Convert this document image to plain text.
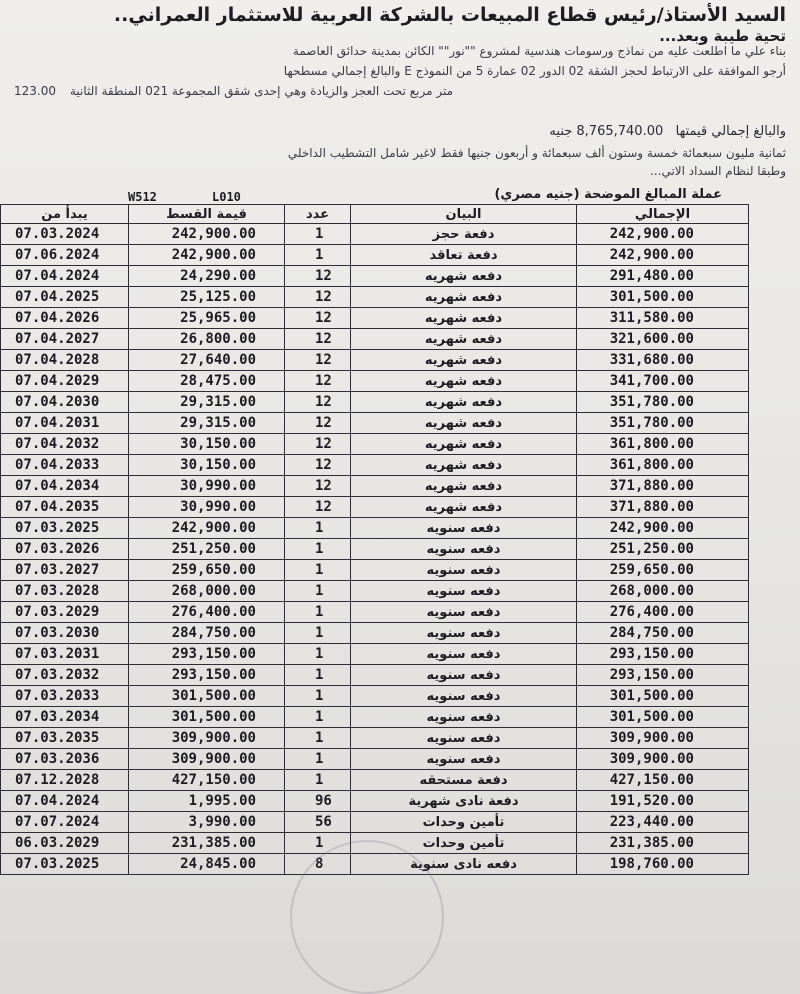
السيد الأستاذ/رئيس قطاع المبيعات بالشركة العربية للاستثمار العمراني..
تحية طيبة وبعد...
بناء علي ما اطلعت عليه من نماذج ورسومات هندسية لمشروع ""نور"" الكائن بمدينة حدائق العاصمة
أرجو الموافقة على الارتباط لحجز الشقة 02 الدور 02 عمارة 5 من النموذج E والبالغ إجمالي مسطحها
123.00 متر مربع تحت العجز والزيادة وهي إحدى شقق المجموعة 021 المنطقة الثانية
والبالغ إجمالي قيمتها   8,765,740.00 جنيه
ثمانية مليون سبعمائة خمسة وستون ألف سبعمائة و أربعون جنيها فقط لاغير شامل التشطيب الداخلي
وطبقا لنظام السداد الاتي...
W512	L010	عملة المبالغ الموضحة (جنيه مصري)
يبدأ من	قيمة القسط	عدد	البيان	الإجمالي
07.03.2024	242,900.00	1	دفعة حجز	242,900.00
07.06.2024	242,900.00	1	دفعة تعاقد	242,900.00
07.04.2024	24,290.00	12	دفعه شهريه	291,480.00
07.04.2025	25,125.00	12	دفعه شهريه	301,500.00
07.04.2026	25,965.00	12	دفعه شهريه	311,580.00
07.04.2027	26,800.00	12	دفعه شهريه	321,600.00
07.04.2028	27,640.00	12	دفعه شهريه	331,680.00
07.04.2029	28,475.00	12	دفعه شهريه	341,700.00
07.04.2030	29,315.00	12	دفعه شهريه	351,780.00
07.04.2031	29,315.00	12	دفعه شهريه	351,780.00
07.04.2032	30,150.00	12	دفعه شهريه	361,800.00
07.04.2033	30,150.00	12	دفعه شهريه	361,800.00
07.04.2034	30,990.00	12	دفعه شهريه	371,880.00
07.04.2035	30,990.00	12	دفعه شهريه	371,880.00
07.03.2025	242,900.00	1	دفعه سنويه	242,900.00
07.03.2026	251,250.00	1	دفعه سنويه	251,250.00
07.03.2027	259,650.00	1	دفعه سنويه	259,650.00
07.03.2028	268,000.00	1	دفعه سنويه	268,000.00
07.03.2029	276,400.00	1	دفعه سنويه	276,400.00
07.03.2030	284,750.00	1	دفعه سنويه	284,750.00
07.03.2031	293,150.00	1	دفعه سنويه	293,150.00
07.03.2032	293,150.00	1	دفعه سنويه	293,150.00
07.03.2033	301,500.00	1	دفعه سنويه	301,500.00
07.03.2034	301,500.00	1	دفعه سنويه	301,500.00
07.03.2035	309,900.00	1	دفعه سنويه	309,900.00
07.03.2036	309,900.00	1	دفعه سنويه	309,900.00
07.12.2028	427,150.00	1	دفعة مستحقه	427,150.00
07.04.2024	1,995.00	96	دفعة نادى شهرية	191,520.00
07.07.2024	3,990.00	56	تأمين وحدات	223,440.00
06.03.2029	231,385.00	1	تأمين وحدات	231,385.00
07.03.2025	24,845.00	8	دفعه نادى سنوية	198,760.00
